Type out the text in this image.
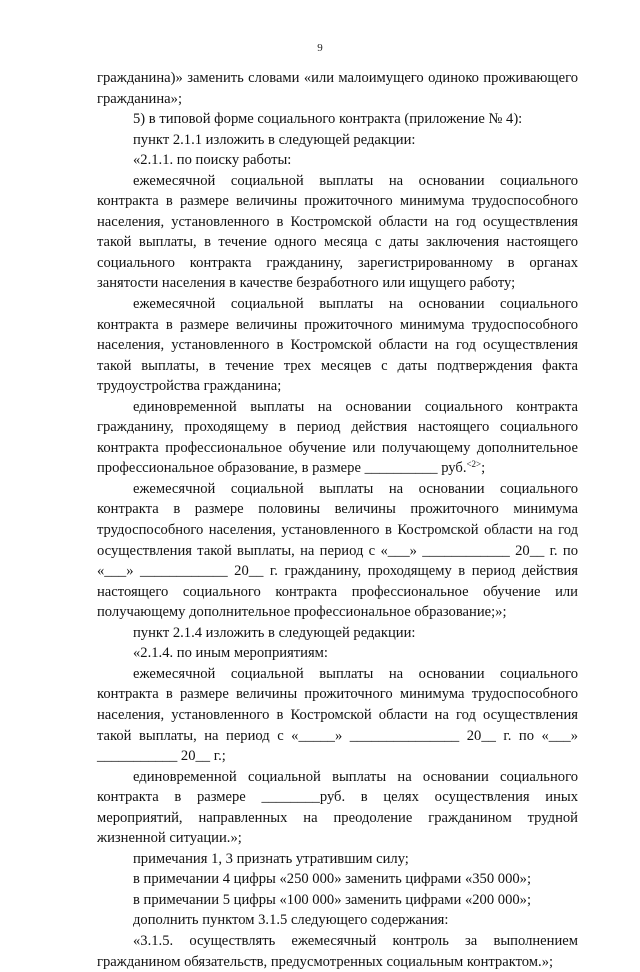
9

гражданина)» заменить словами «или малоимущего одиноко проживающего гражданина»;

5) в типовой форме социального контракта (приложение № 4):

пункт 2.1.1 изложить в следующей редакции:

«2.1.1. по поиску работы:

ежемесячной социальной выплаты на основании социального контракта в размере величины прожиточного минимума трудоспособного населения, установленного в Костромской области на год осуществления такой выплаты, в течение одного месяца с даты заключения настоящего социального контракта гражданину, зарегистрированному в органах занятости населения в качестве безработного или ищущего работу;

ежемесячной социальной выплаты на основании социального контракта в размере величины прожиточного минимума трудоспособного населения, установленного в Костромской области на год осуществления такой выплаты, в течение трех месяцев с даты подтверждения факта трудоустройства гражданина;

единовременной выплаты на основании социального контракта гражданину, проходящему в период действия настоящего социального контракта профессиональное обучение или получающему дополнительное профессиональное образование, в размере __________ руб.$^{<2>}$;

ежемесячной социальной выплаты на основании социального контракта в размере половины величины прожиточного минимума трудоспособного населения, установленного в Костромской области на год осуществления такой выплаты, на период с «___» ____________ 20__ г. по «___» ____________ 20__ г. гражданину, проходящему в период действия настоящего социального контракта профессиональное обучение или получающему дополнительное профессиональное образование;»;

пункт 2.1.4 изложить в следующей редакции:

«2.1.4. по иным мероприятиям:

ежемесячной социальной выплаты на основании социального контракта в размере величины прожиточного минимума трудоспособного населения, установленного в Костромской области на год осуществления такой выплаты, на период с «_____» _______________ 20__ г. по «___» ___________ 20__ г.;

единовременной социальной выплаты на основании социального контракта в размере ________руб. в целях осуществления иных мероприятий, направленных на преодоление гражданином трудной жизненной ситуации.»;

примечания 1, 3 признать утратившим силу;

в примечании 4 цифры «250 000» заменить цифрами «350 000»;

в примечании 5 цифры «100 000» заменить цифрами «200 000»;

дополнить пунктом 3.1.5 следующего содержания:

«3.1.5. осуществлять ежемесячный контроль за выполнением гражданином обязательств, предусмотренных социальным контрактом.»;
